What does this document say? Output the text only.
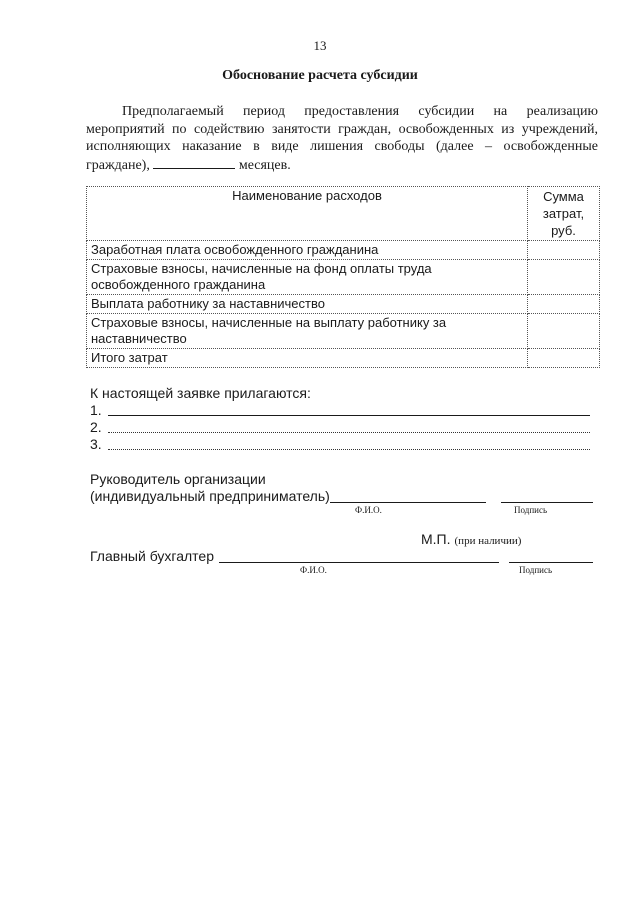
13
Обоснование расчета субсидии
Предполагаемый период предоставления субсидии на реализацию мероприятий по содействию занятости граждан, освобожденных из учреждений, исполняющих наказание в виде лишения свободы (далее – освобожденные граждане),	месяцев.
Наименование расходов	Сумма затрат, руб.
Заработная плата освобожденного гражданина	
Страховые взносы, начисленные на фонд оплаты труда освобожденного гражданина	
Выплата работнику за наставничество	
Страховые взносы, начисленные на выплату работнику за наставничество	
Итого затрат	
К настоящей заявке прилагаются:
1.
2.
3.
Руководитель организации
(индивидуальный предприниматель)
Ф.И.О.	Подпись
М.П. (при наличии)
Главный бухгалтер
Ф.И.О.	Подпись
